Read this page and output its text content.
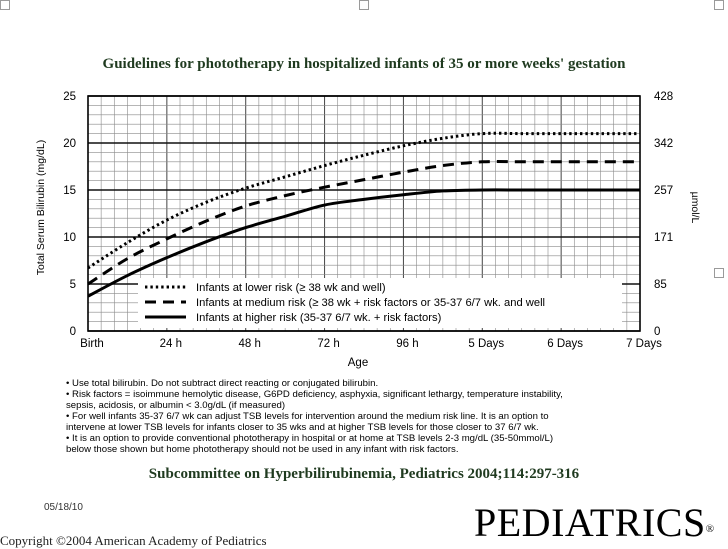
Guidelines for phototherapy in hospitalized infants of 35 or more weeks' gestation
0
5
10
15
20
25
0
85
171
257
342
428
Birth	24 h	48 h	72 h	96 h	5 Days	6 Days	7 Days
Infants at lower risk (≥ 38 wk and well)
Infants at medium risk (≥ 38 wk + risk factors or 35-37 6/7 wk. and well
Infants at higher risk (35-37 6/7 wk. + risk factors)
Total Serum Bilirubin (mg/dL)	µmol/L
Age
• Use total bilirubin. Do not subtract direct reacting or conjugated bilirubin.
• Risk factors = isoimmune hemolytic disease, G6PD deficiency, asphyxia, significant lethargy, temperature instability,
sepsis, acidosis, or albumin < 3.0g/dL (if measured)
• For well infants 35-37 6/7 wk can adjust TSB levels for intervention around the medium risk line. It is an option to
intervene at lower TSB levels for infants closer to 35 wks and at higher TSB levels for those closer to 37 6/7 wk.
• It is an option to provide conventional phototherapy in hospital or at home at TSB levels 2-3 mg/dL (35-50mmol/L)
below those shown but home phototherapy should not be used in any infant with risk factors.
Subcommittee on Hyperbilirubinemia, Pediatrics 2004;114:297-316
05/18/10
Copyright ©2004 American Academy of Pediatrics	PEDIATRICS®
